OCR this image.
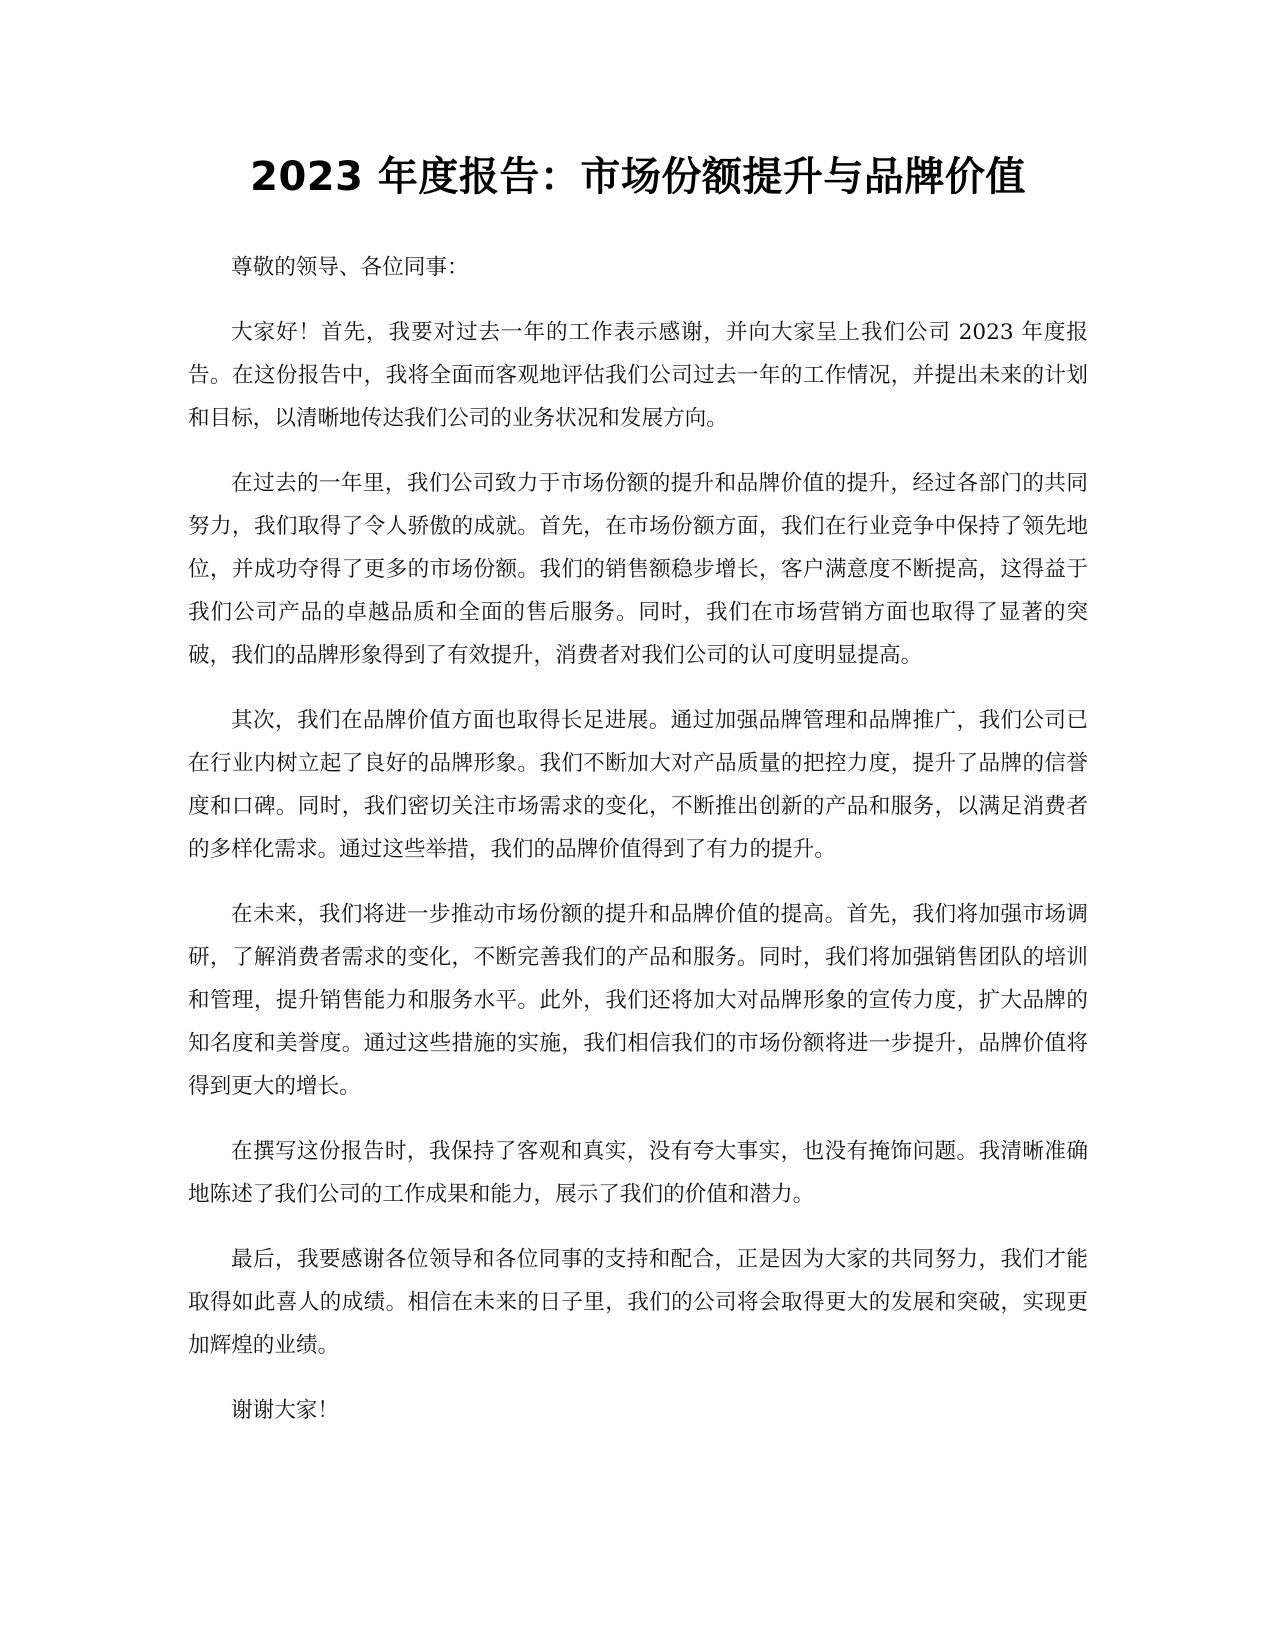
2023 年度报告：市场份额提升与品牌价值

尊敬的领导、各位同事：

大家好！首先，我要对过去一年的工作表示感谢，并向大家呈上我们公司 2023 年度报告。在这份报告中，我将全面而客观地评估我们公司过去一年的工作情况，并提出未来的计划和目标，以清晰地传达我们公司的业务状况和发展方向。

在过去的一年里，我们公司致力于市场份额的提升和品牌价值的提升，经过各部门的共同努力，我们取得了令人骄傲的成就。首先，在市场份额方面，我们在行业竞争中保持了领先地位，并成功夺得了更多的市场份额。我们的销售额稳步增长，客户满意度不断提高，这得益于我们公司产品的卓越品质和全面的售后服务。同时，我们在市场营销方面也取得了显著的突破，我们的品牌形象得到了有效提升，消费者对我们公司的认可度明显提高。

其次，我们在品牌价值方面也取得长足进展。通过加强品牌管理和品牌推广，我们公司已在行业内树立起了良好的品牌形象。我们不断加大对产品质量的把控力度，提升了品牌的信誉度和口碑。同时，我们密切关注市场需求的变化，不断推出创新的产品和服务，以满足消费者的多样化需求。通过这些举措，我们的品牌价值得到了有力的提升。

在未来，我们将进一步推动市场份额的提升和品牌价值的提高。首先，我们将加强市场调研，了解消费者需求的变化，不断完善我们的产品和服务。同时，我们将加强销售团队的培训和管理，提升销售能力和服务水平。此外，我们还将加大对品牌形象的宣传力度，扩大品牌的知名度和美誉度。通过这些措施的实施，我们相信我们的市场份额将进一步提升，品牌价值将得到更大的增长。

在撰写这份报告时，我保持了客观和真实，没有夸大事实，也没有掩饰问题。我清晰准确地陈述了我们公司的工作成果和能力，展示了我们的价值和潜力。

最后，我要感谢各位领导和各位同事的支持和配合，正是因为大家的共同努力，我们才能取得如此喜人的成绩。相信在未来的日子里，我们的公司将会取得更大的发展和突破，实现更加辉煌的业绩。

谢谢大家！
